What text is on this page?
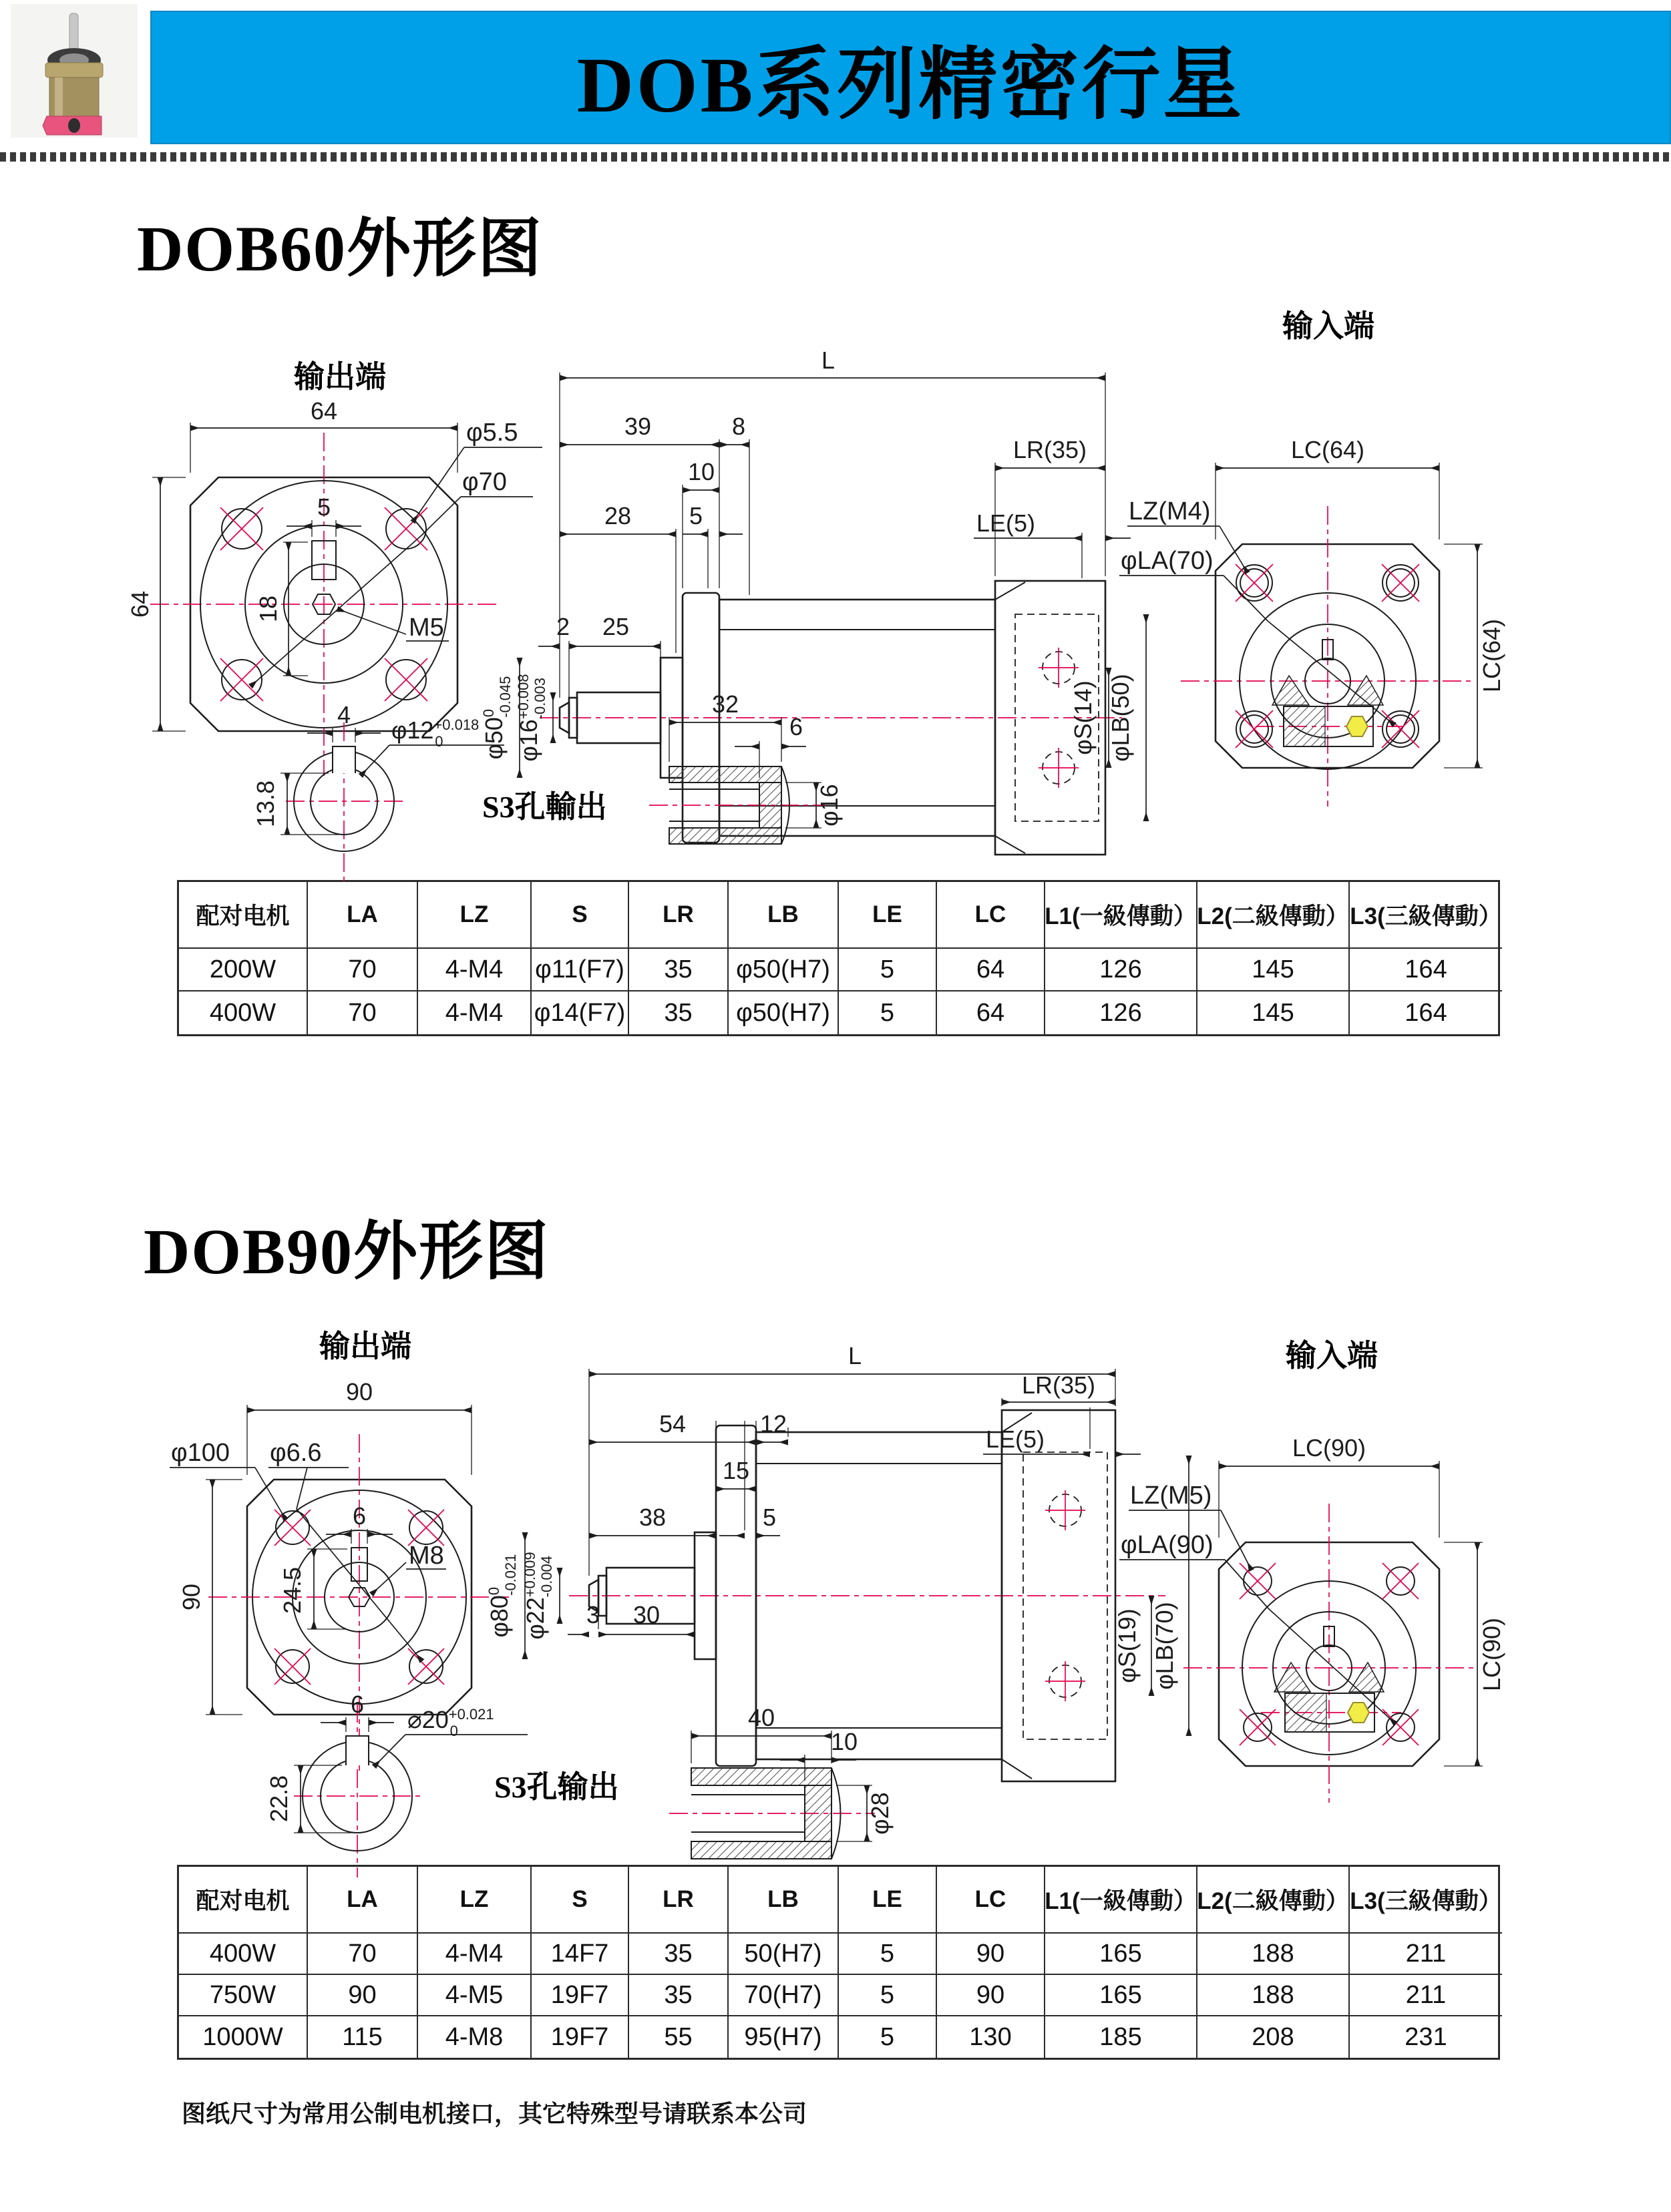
DOB系列精密行星
DOB60外形图
输出端
输入端
S3孔輸出
DOB90外形图
输出端	输入端
S3孔输出
图纸尺寸为常用公制电机接口，其它特殊型号请联系本公司
配对电机	LA	LZ	S	LR	LB	LE	LC	L1(一級傳動） L2(二級傳動） L3(三級傳動）
200W	70	4-M4	φ11(F7)	35	φ50(H7)	5	64	126	145	164
400W	70	4-M4	φ14(F7)	35	φ50(H7)	5	64	126	145	164
配对电机	LA	LZ	S	LR	LB	LE	LC	L1(一級傳動） L2(二級傳動） L3(三級傳動）
400W	70	4-M4	14F7	35	50(H7)	5	90	165	188	211
750W	90	4-M5	19F7	35	70(H7)	5	90	165	188	211
1000W	115	4-M8	19F7	55	95(H7)	5	130	185	208	231
64
64
5
18
M5
φ5.5
φ70
L
39	8
10
5
28
2 25
LR(35)
LE(5)
$\varphi 50^0-0.045$
$\varphi 16^{+0.008}-0.003$	φS(14) φLB(50)
LC(64)
LC(64)
LZ(M4)
φLA(70)
4
$\varphi 12^{+0.018}$ 0
13.8
32
6
φ16
90
90
6
24.5
M8
φ100 φ6.6
L
54	12
15
5
38
3 30
LR(35)
LE(5)
$\varphi 80^0-0.021$
$\varphi 22^{+0.009}-0.004$
φS(19) φLB(70)
LC(90)
LC(90)
LZ(M5)
φLA(90)
6
$⌀20^{+0.021}$ 0
22.8
40
10
φ28
